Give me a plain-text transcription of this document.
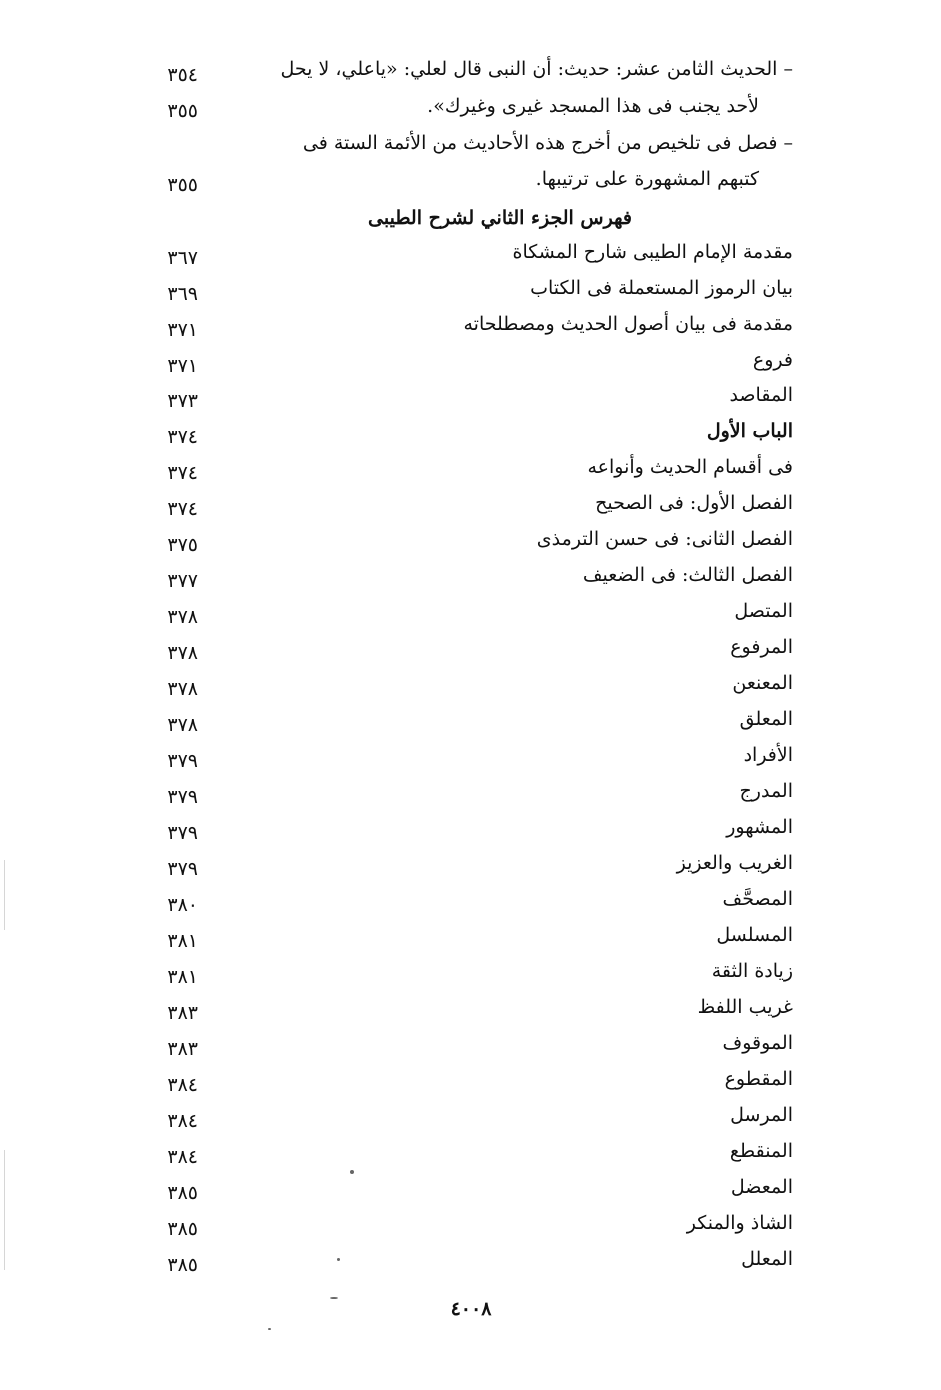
– الحديث الثامن عشر: حديث: أن النبى قال لعلي: «ياعلي، لا يحل
٣٥٤
لأحد يجنب فى هذا المسجد غيرى وغيرك».
٣٥٥
– فصل فى تلخيص من أخرج هذه الأحاديث من الأئمة الستة فى
كتبهم المشهورة على ترتيبها.
٣٥٥
فهرس الجزء الثاني لشرح الطيبى
مقدمة الإمام الطيبى شارح المشكاة
٣٦٧
بيان الرموز المستعملة فى الكتاب
٣٦٩
مقدمة فى بيان أصول الحديث ومصطلحاته
٣٧١
فروع
٣٧١
المقاصد
٣٧٣
الباب الأول
٣٧٤
فى أقسام الحديث وأنواعه
٣٧٤
الفصل الأول: فى الصحيح
٣٧٤
الفصل الثانى: فى حسن الترمذى
٣٧٥
الفصل الثالث: فى الضعيف
٣٧٧
المتصل
٣٧٨
المرفوع
٣٧٨
المعنعن
٣٧٨
المعلق
٣٧٨
الأفراد
٣٧٩
المدرج
٣٧٩
المشهور
٣٧٩
الغريب والعزيز
٣٧٩
المصحَّف
٣٨٠
المسلسل
٣٨١
زيادة الثقة
٣٨١
غريب اللفظ
٣٨٣
الموقوف
٣٨٣
المقطوع
٣٨٤
المرسل
٣٨٤
المنقطع
٣٨٤
المعضل
٣٨٥
الشاذ والمنكر
٣٨٥
المعلل
٣٨٥
٤٠٠٨
